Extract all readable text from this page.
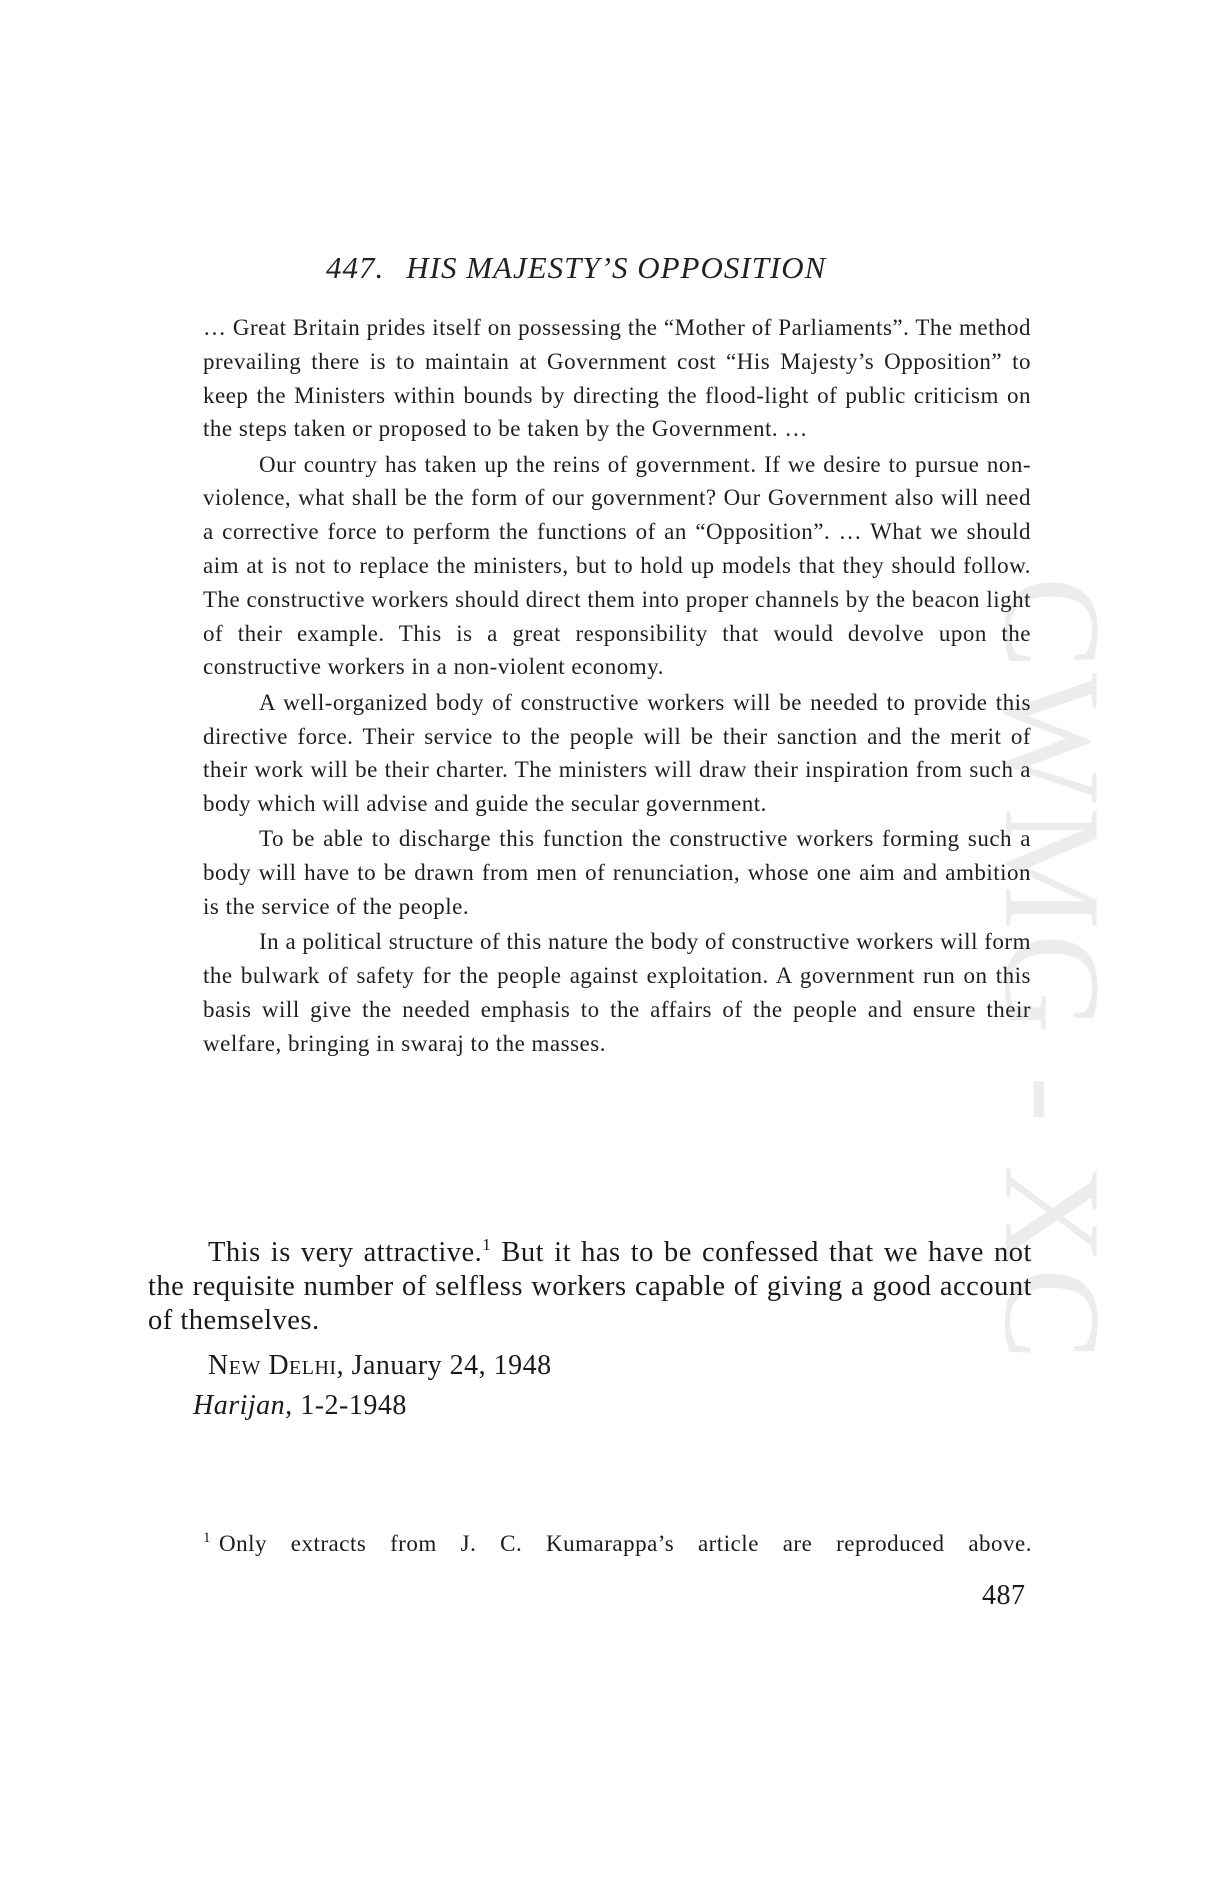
CWMG - XC
447. HIS MAJESTY’S OPPOSITION

… Great Britain prides itself on possessing the “Mother of Parliaments”. The method prevailing there is to maintain at Government cost “His Majesty’s Opposition” to keep the Ministers within bounds by directing the flood-light of public criticism on the steps taken or proposed to be taken by the Government. …

Our country has taken up the reins of government. If we desire to pursue non-violence, what shall be the form of our government? Our Government also will need a corrective force to perform the functions of an “Opposition”. … What we should aim at is not to replace the ministers, but to hold up models that they should follow. The constructive workers should direct them into proper channels by the beacon light of their example. This is a great responsibility that would devolve upon the constructive workers in a non-violent economy.

A well-organized body of constructive workers will be needed to provide this directive force. Their service to the people will be their sanction and the merit of their work will be their charter. The ministers will draw their inspiration from such a body which will advise and guide the secular government.

To be able to discharge this function the constructive workers forming such a body will have to be drawn from men of renunciation, whose one aim and ambition is the service of the people.

In a political structure of this nature the body of constructive workers will form the bulwark of safety for the people against exploitation. A government run on this basis will give the needed emphasis to the affairs of the people and ensure their welfare, bringing in swaraj to the masses.

This is very attractive.$^1$ But it has to be confessed that we have not the requisite number of selfless workers capable of giving a good account of themselves.

New Delhi, January 24, 1948
Harijan, 1-2-1948
$^1$ Only extracts from J. C. Kumarappa’s article are reproduced above.
487
